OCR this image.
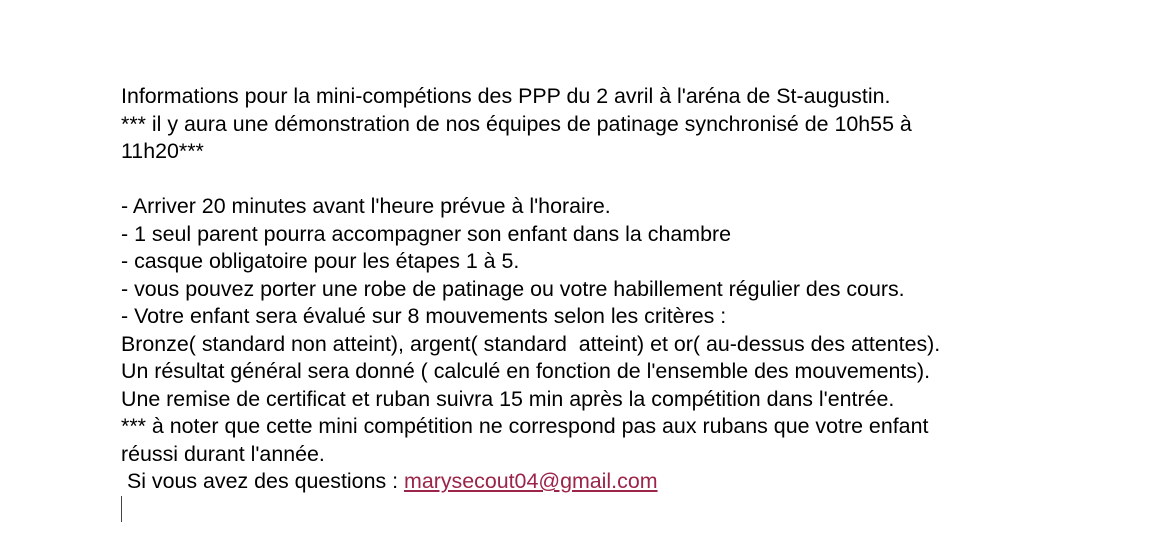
Informations pour la mini-compétions des PPP du 2 avril à l'aréna de St-augustin.
*** il y aura une démonstration de nos équipes de patinage synchronisé de 10h55 à
11h20***
- Arriver 20 minutes avant l'heure prévue à l'horaire.
- 1 seul parent pourra accompagner son enfant dans la chambre
- casque obligatoire pour les étapes 1 à 5.
- vous pouvez porter une robe de patinage ou votre habillement régulier des cours.
- Votre enfant sera évalué sur 8 mouvements selon les critères :
Bronze( standard non atteint), argent( standard  atteint) et or( au-dessus des attentes).
Un résultat général sera donné ( calculé en fonction de l'ensemble des mouvements).
Une remise de certificat et ruban suivra 15 min après la compétition dans l'entrée.
*** à noter que cette mini compétition ne correspond pas aux rubans que votre enfant
réussi durant l'année.
Si vous avez des questions : marysecout04@gmail.com
